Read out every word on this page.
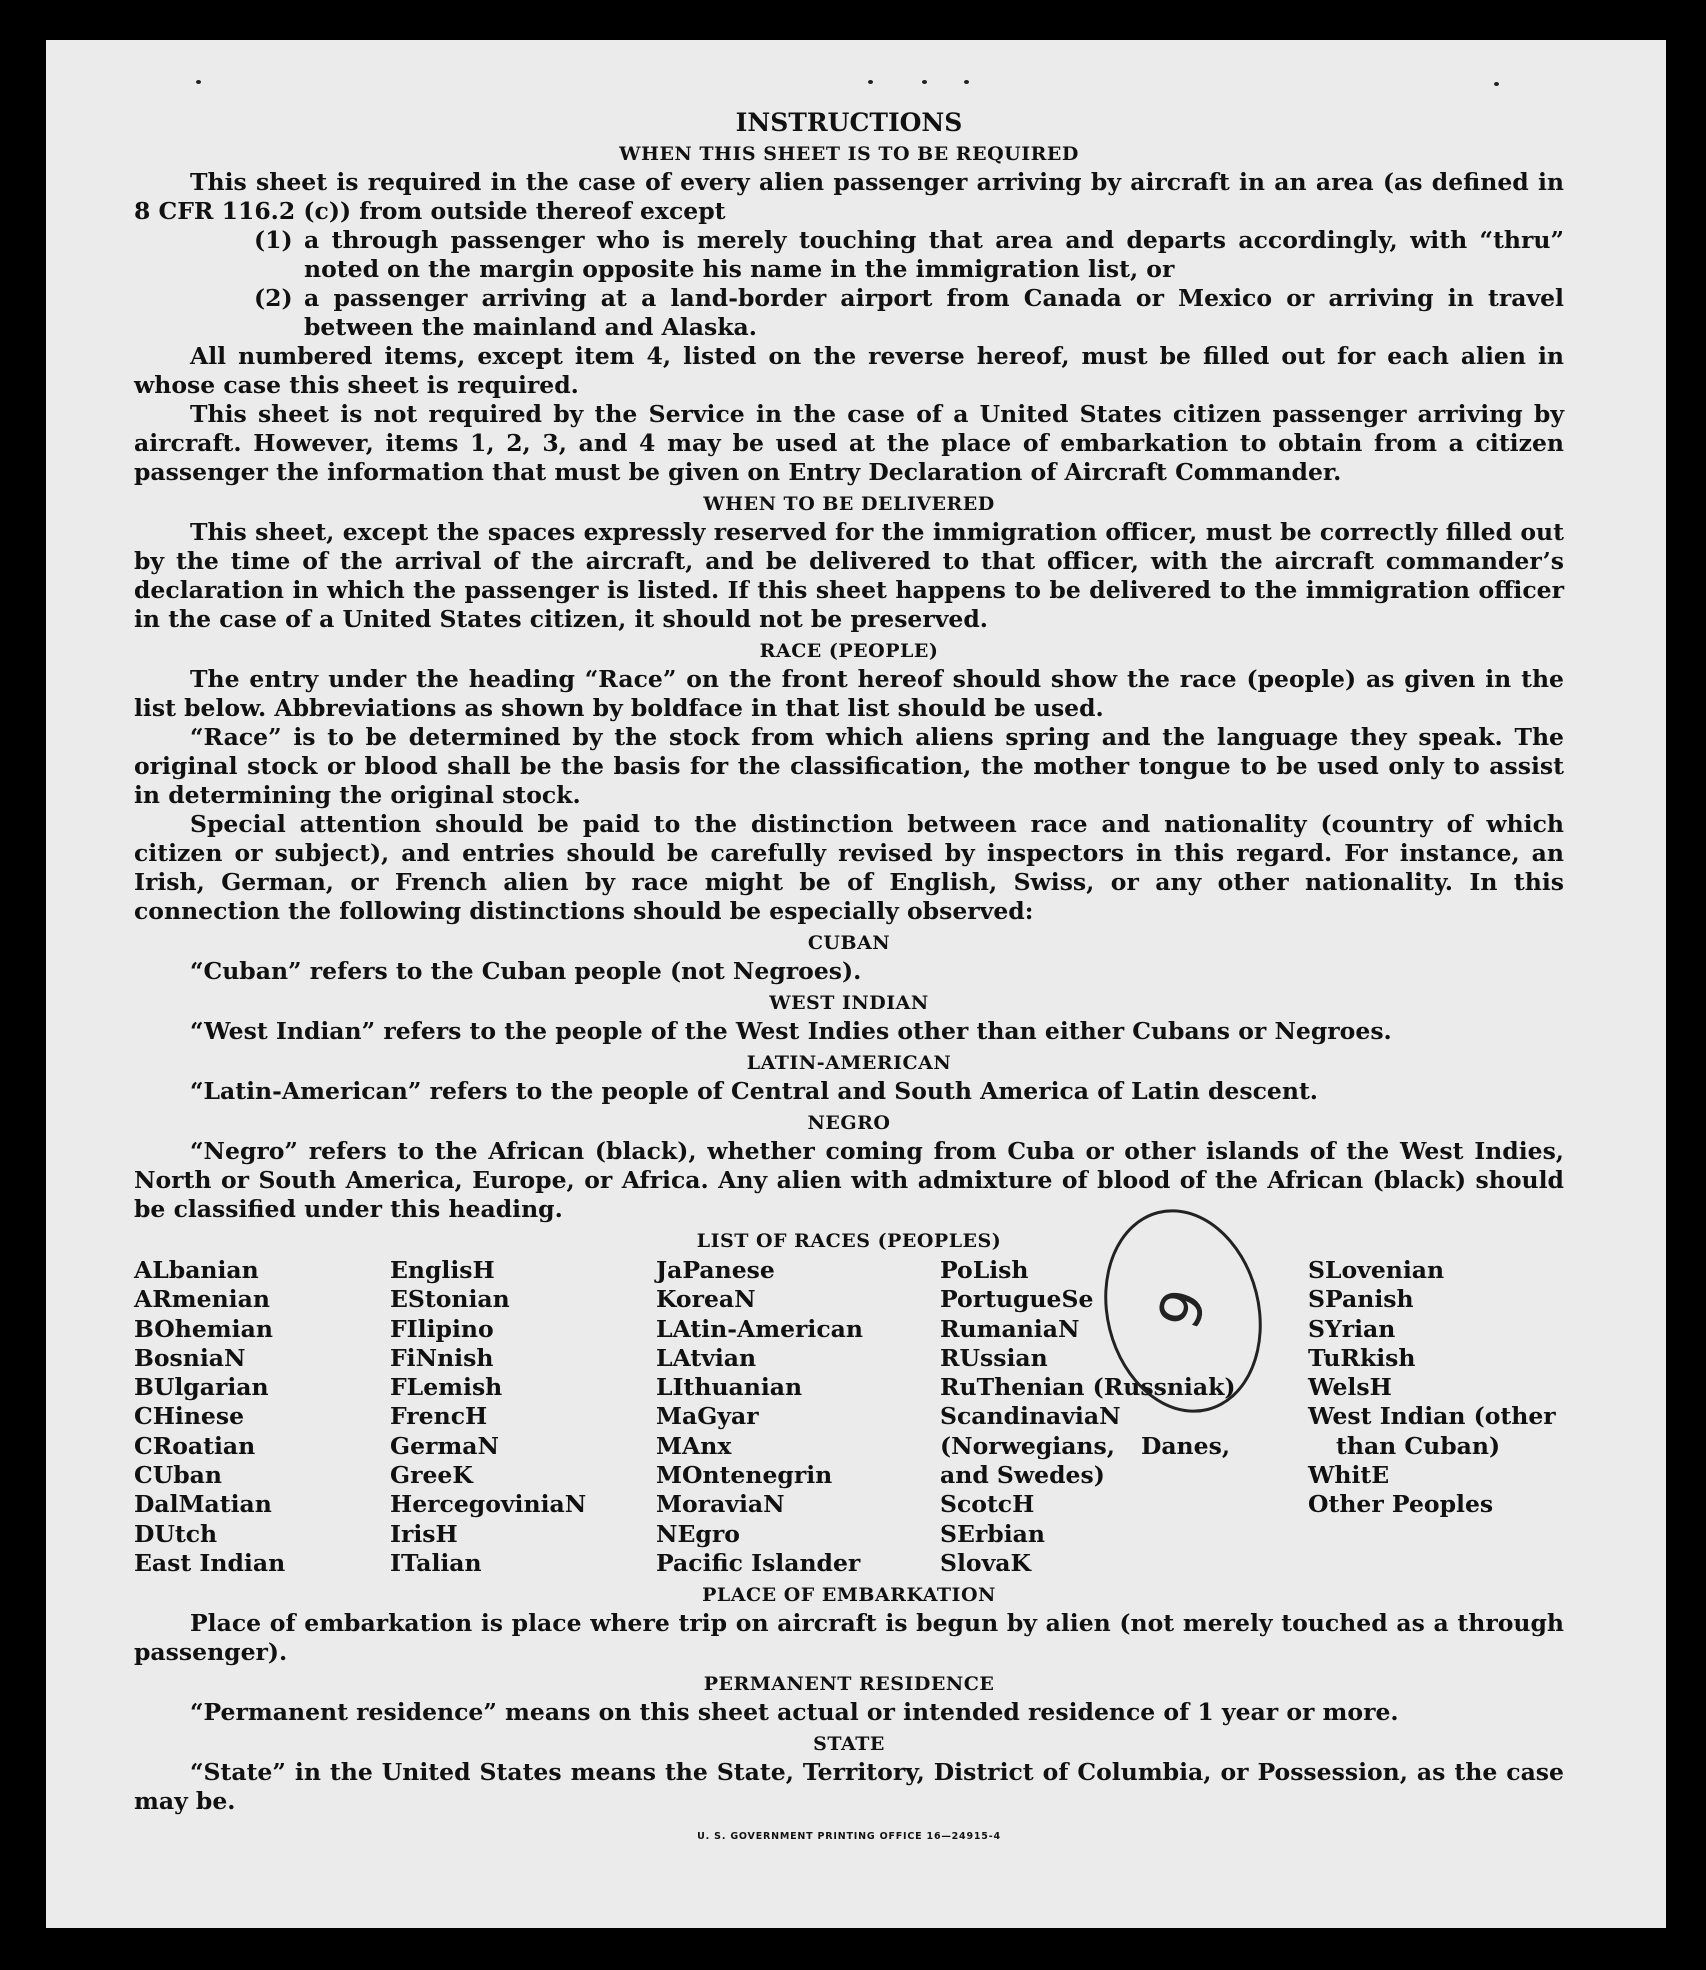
INSTRUCTIONS
WHEN THIS SHEET IS TO BE REQUIRED

This sheet is required in the case of every alien passenger arriving by aircraft in an area (as defined in 8 CFR 116.2 (c)) from outside thereof except

(1) a through passenger who is merely touching that area and departs accordingly, with “thru” noted on the margin opposite his name in the immigration list, or
(2) a passenger arriving at a land-border airport from Canada or Mexico or arriving in travel between the mainland and Alaska.

All numbered items, except item 4, listed on the reverse hereof, must be filled out for each alien in whose case this sheet is required.

This sheet is not required by the Service in the case of a United States citizen passenger arriving by aircraft. However, items 1, 2, 3, and 4 may be used at the place of embarkation to obtain from a citizen passenger the information that must be given on Entry Declaration of Aircraft Commander.

WHEN TO BE DELIVERED

This sheet, except the spaces expressly reserved for the immigration officer, must be correctly filled out by the time of the arrival of the aircraft, and be delivered to that officer, with the aircraft commander’s declaration in which the passenger is listed. If this sheet happens to be delivered to the immigration officer in the case of a United States citizen, it should not be preserved.

RACE (PEOPLE)

The entry under the heading “Race” on the front hereof should show the race (people) as given in the list below. Abbreviations as shown by boldface in that list should be used.

“Race” is to be determined by the stock from which aliens spring and the language they speak. The original stock or blood shall be the basis for the classification, the mother tongue to be used only to assist in determining the original stock.

Special attention should be paid to the distinction between race and nationality (country of which citizen or subject), and entries should be carefully revised by inspectors in this regard. For instance, an Irish, German, or French alien by race might be of English, Swiss, or any other nationality. In this connection the following distinctions should be especially observed:

CUBAN

“Cuban” refers to the Cuban people (not Negroes).

WEST INDIAN

“West Indian” refers to the people of the West Indies other than either Cubans or Negroes.

LATIN-AMERICAN

“Latin-American” refers to the people of Central and South America of Latin descent.

NEGRO

“Negro” refers to the African (black), whether coming from Cuba or other islands of the West Indies, North or South America, Europe, or Africa. Any alien with admixture of blood of the African (black) should be classified under this heading.

LIST OF RACES (PEOPLES)
ALbanian
ARmenian
BOhemian
BosniaN
BUlgarian
CHinese
CRoatian
CUban
DalMatian
DUtch
East Indian
EnglisH
EStonian
FIlipino
FiNnish
FLemish
FrencH
GermaN
GreeK
HercegoviniaN
IrisH
ITalian
JaPanese
KoreaN
LAtin-American
LAtvian
LIthuanian
MaGyar
MAnx
MOntenegrin
MoraviaN
NEgro
Pacific Islander
PoLish
PortugueSe
RumaniaN
RUssian
RuThenian (Russniak)
ScandinaviaN (Norwegians, Danes, and Swedes)
ScotcH
SErbian
SlovaK
SLovenian
SPanish
SYrian
TuRkish
WelsH
West Indian (other
than Cuban)
WhitE
Other Peoples
PLACE OF EMBARKATION

Place of embarkation is place where trip on aircraft is begun by alien (not merely touched as a through passenger).

PERMANENT RESIDENCE

“Permanent residence” means on this sheet actual or intended residence of 1 year or more.

STATE

“State” in the United States means the State, Territory, District of Columbia, or Possession, as the case may be.

U. S. GOVERNMENT PRINTING OFFICE 16—24915-4
9
